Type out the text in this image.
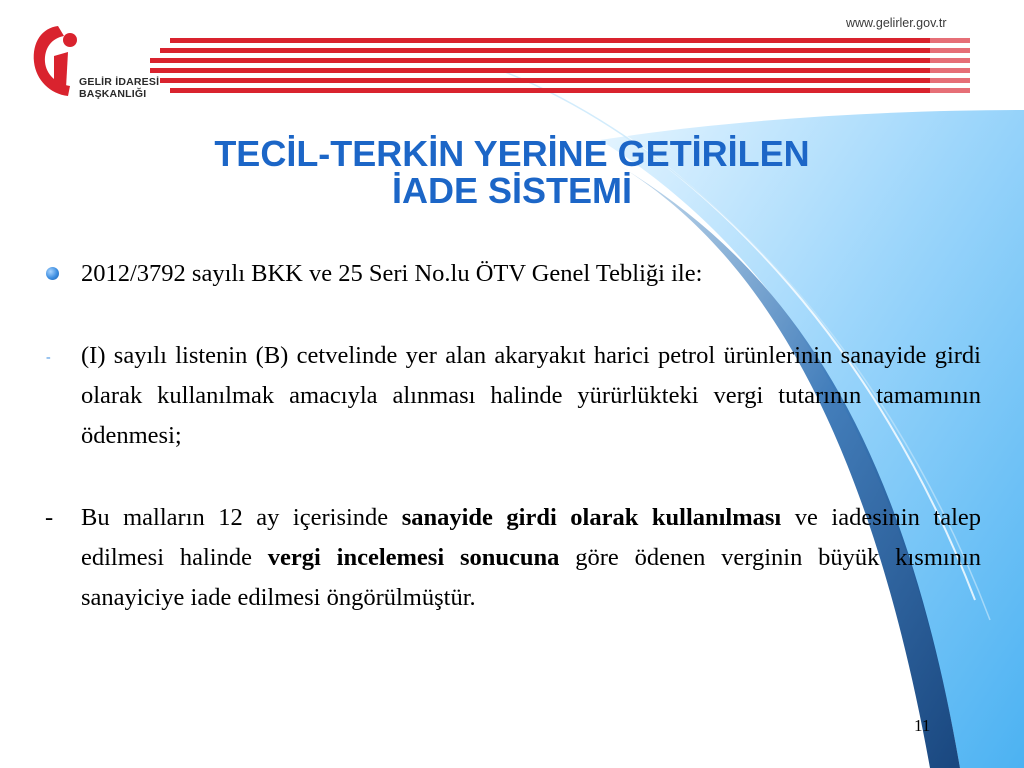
GELİR İDARESİ
BAŞKANLIĞI
www.gelirler.gov.tr
TECİL-TERKİN YERİNE GETİRİLEN
İADE SİSTEMİ
2012/3792 sayılı BKK ve 25 Seri No.lu ÖTV Genel Tebliği ile:
- (I) sayılı listenin (B) cetvelinde yer alan akaryakıt harici petrol ürünlerinin sanayide girdi olarak kullanılmak amacıyla alınması halinde yürürlükteki vergi tutarının tamamının ödenmesi;
- Bu malların 12 ay içerisinde sanayide girdi olarak kullanılması ve iadesinin talep edilmesi halinde vergi incelemesi sonucuna göre ödenen verginin büyük kısmının sanayiciye iade edilmesi öngörülmüştür.
11
